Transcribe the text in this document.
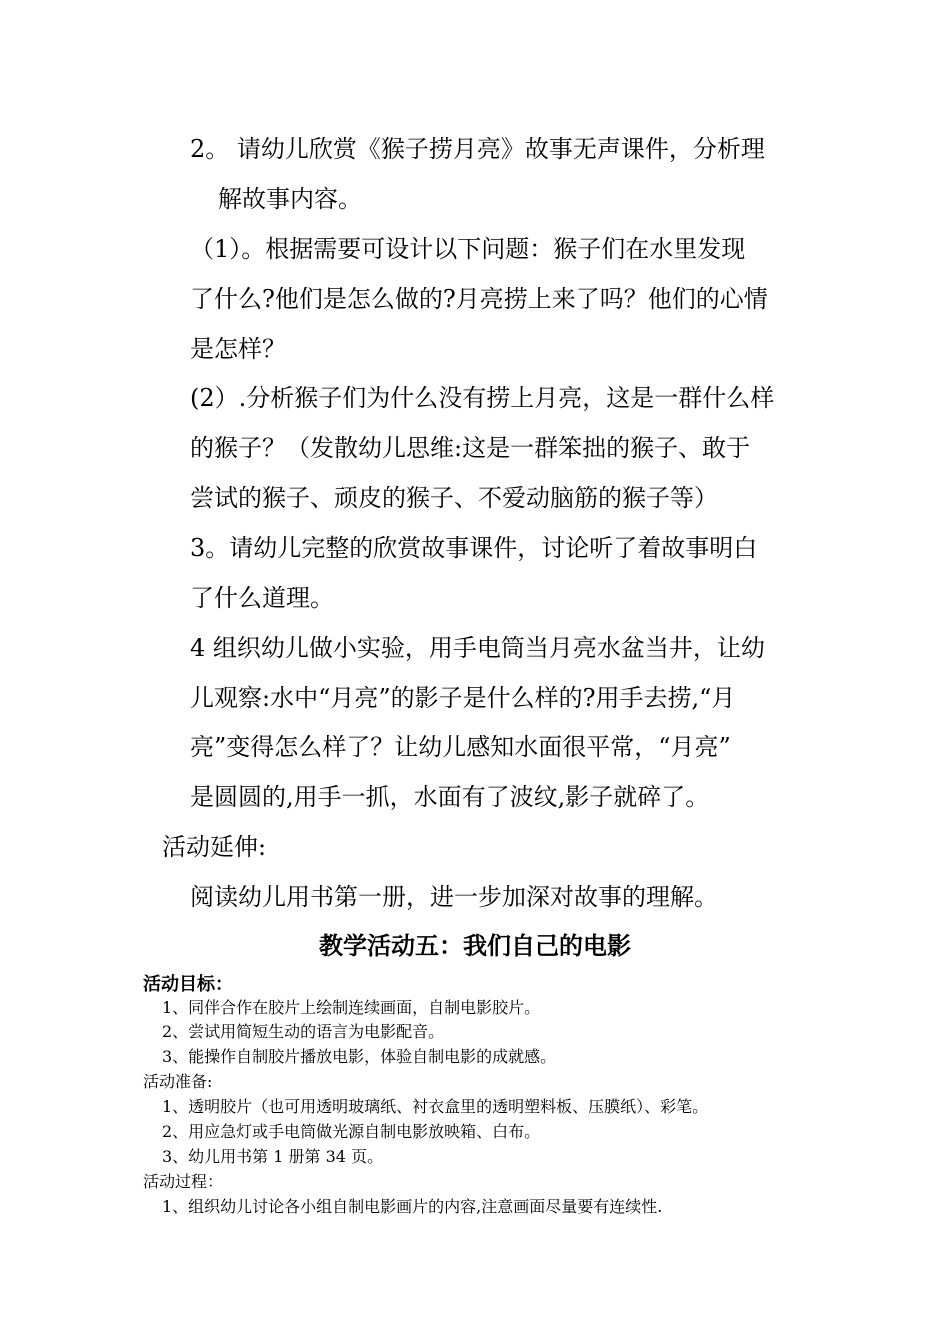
2。 请幼儿欣赏《猴子捞月亮》故事无声课件，分析理
解故事内容。
（1）。根据需要可设计以下问题：猴子们在水里发现
了什么?他们是怎么做的?月亮捞上来了吗？他们的心情
是怎样？
(2）.分析猴子们为什么没有捞上月亮，这是一群什么样
的猴子？（发散幼儿思维:这是一群笨拙的猴子、敢于
尝试的猴子、顽皮的猴子、不爱动脑筋的猴子等）
3。请幼儿完整的欣赏故事课件，讨论听了着故事明白
了什么道理。
4 组织幼儿做小实验，用手电筒当月亮水盆当井，让幼
儿观察:水中“月亮”的影子是什么样的?用手去捞,“月
亮”变得怎么样了？让幼儿感知水面很平常，“月亮”
是圆圆的,用手一抓，水面有了波纹,影子就碎了。
活动延伸:
阅读幼儿用书第一册，进一步加深对故事的理解。
教学活动五：我们自己的电影
活动目标：
1、同伴合作在胶片上绘制连续画面，自制电影胶片。
2、尝试用简短生动的语言为电影配音。
3、能操作自制胶片播放电影，体验自制电影的成就感。
活动准备:
1、透明胶片（也可用透明玻璃纸、衬衣盒里的透明塑料板、压膜纸）、彩笔。
2、用应急灯或手电筒做光源自制电影放映箱、白布。
3、幼儿用书第 1 册第 34 页。
活动过程：
1、组织幼儿讨论各小组自制电影画片的内容,注意画面尽量要有连续性.
